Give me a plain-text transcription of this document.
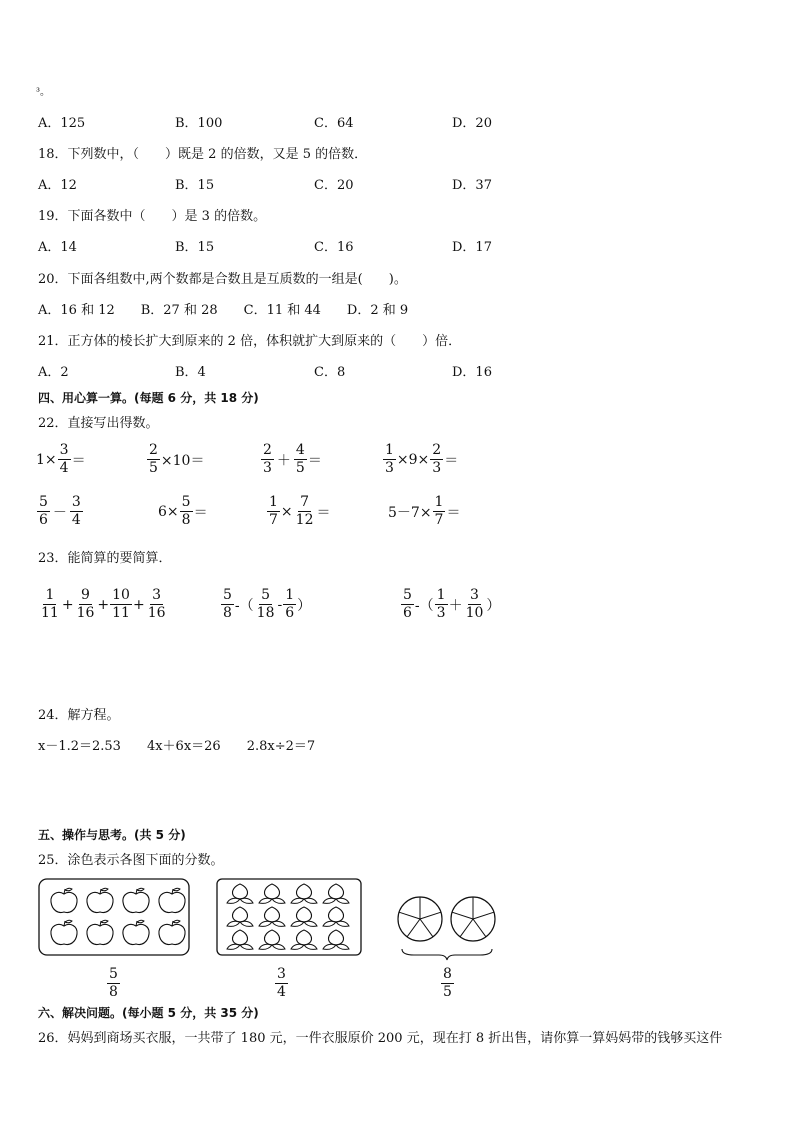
³。
A．125	B．100	C．64	D．20
18．下列数中，（　　）既是 2 的倍数，又是 5 的倍数．
A．12	B．15	C．20	D．37
19．下面各数中（　　）是 3 的倍数。
A．14	B．15	C．16	D．17
20．下面各组数中,两个数都是合数且是互质数的一组是(　　)。
A．16 和 12　　B．27 和 28　　C．11 和 44　　D．2 和 9
21．正方体的棱长扩大到原来的 2 倍，体积就扩大到原来的（　　）倍．
A．2	B．4	C．8	D．16
四、用心算一算。(每题 6 分，共 18 分)
22．直接写出得数。
$1\times \frac{3}{4}$ ＝	$\frac{2}{5} \times 10=$	$\frac{2}{3} + \frac{4}{5}$ ＝	$\frac{1}{3} \times 9\times \frac{2}{3}$ ＝
$\frac{5}{6} - \frac{3}{4}$	$6\times \frac{5}{8}$ ＝	$\frac{1}{7} \times \frac{7}{12}$ ＝	$5-7\times \frac{1}{7}$ ＝
23．能简算的要简算．
$\frac{1}{11} + \frac{9}{16} + \frac{10}{11} + \frac{3}{16}$	$\frac{5}{8}$ -（ $\frac{5}{18} - \frac{1}{6}$ ）	$\frac{5}{6}$ -（ $\frac{1}{3} + \frac{3}{10}$ ）
24．解方程。
x－1.2＝2.53　　4x＋6x＝26　　2.8x÷2＝7
五、操作与思考。(共 5 分)
25．涂色表示各图下面的分数。
$\frac{5}{8}$	$\frac{3}{4}$	$\frac{8}{5}$
六、解决问题。(每小题 5 分，共 35 分)
26．妈妈到商场买衣服，一共带了 180 元，一件衣服原价 200 元，现在打 8 折出售，请你算一算妈妈带的钱够买这件
